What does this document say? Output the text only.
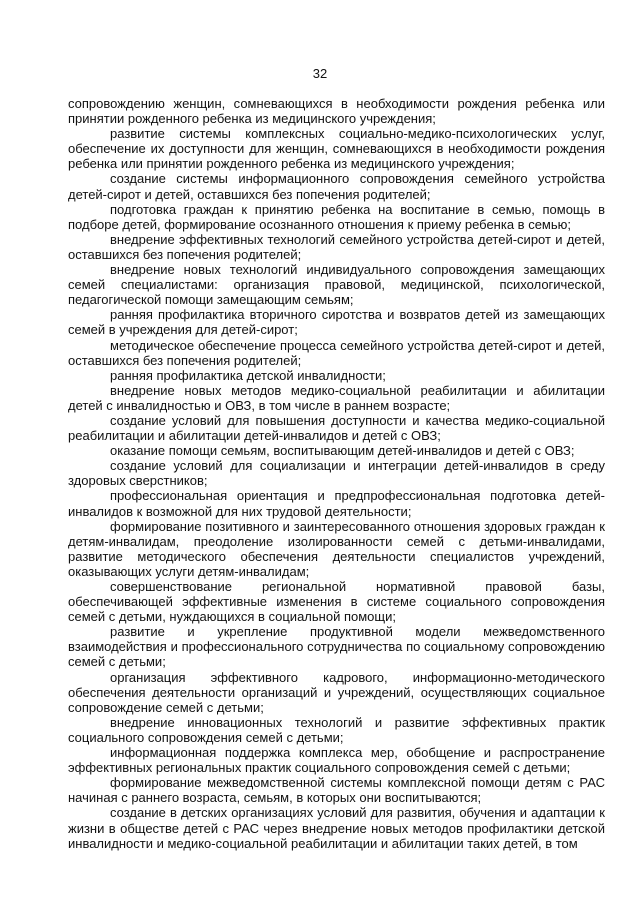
32

сопровождению женщин, сомневающихся в необходимости рождения ребенка или принятии рожденного ребенка из медицинского учреждения;

развитие системы комплексных социально-медико-психологических услуг, обеспечение их доступности для женщин, сомневающихся в необходимости рождения ребенка или принятии рожденного ребенка из медицинского учреждения;

создание системы информационного сопровождения семейного устройства детей-сирот и детей, оставшихся без попечения родителей;

подготовка граждан к принятию ребенка на воспитание в семью, помощь в подборе детей, формирование осознанного отношения к приему ребенка в семью;

внедрение эффективных технологий семейного устройства детей-сирот и детей, оставшихся без попечения родителей;

внедрение новых технологий индивидуального сопровождения замещающих семей специалистами: организация правовой, медицинской, психологической, педагогической помощи замещающим семьям;

ранняя профилактика вторичного сиротства и возвратов детей из замещающих семей в учреждения для детей-сирот;

методическое обеспечение процесса семейного устройства детей-сирот и детей, оставшихся без попечения родителей;

ранняя профилактика детской инвалидности;

внедрение новых методов медико-социальной реабилитации и абилитации детей с инвалидностью и ОВЗ, в том числе в раннем возрасте;

создание условий для повышения доступности и качества медико-социальной реабилитации и абилитации детей-инвалидов и детей с ОВЗ;

оказание помощи семьям, воспитывающим детей-инвалидов и детей с ОВЗ;

создание условий для социализации и интеграции детей-инвалидов в среду здоровых сверстников;

профессиональная ориентация и предпрофессиональная подготовка детей-инвалидов к возможной для них трудовой деятельности;

формирование позитивного и заинтересованного отношения здоровых граждан к детям-инвалидам, преодоление изолированности семей с детьми-инвалидами, развитие методического обеспечения деятельности специалистов учреждений, оказывающих услуги детям-инвалидам;

совершенствование региональной нормативной правовой базы, обеспечивающей эффективные изменения в системе социального сопровождения семей с детьми, нуждающихся в социальной помощи;

развитие и укрепление продуктивной модели межведомственного взаимодействия и профессионального сотрудничества по социальному сопровождению семей с детьми;

организация эффективного кадрового, информационно-методического обеспечения деятельности организаций и учреждений, осуществляющих социальное сопровождение семей с детьми;

внедрение инновационных технологий и развитие эффективных практик социального сопровождения семей с детьми;

информационная поддержка комплекса мер, обобщение и распространение эффективных региональных практик социального сопровождения семей с детьми;

формирование межведомственной системы комплексной помощи детям с РАС начиная с раннего возраста, семьям, в которых они воспитываются;

создание в детских организациях условий для развития, обучения и адаптации к жизни в обществе детей с РАС через внедрение новых методов профилактики детской инвалидности и медико-социальной реабилитации и абилитации таких детей, в том
